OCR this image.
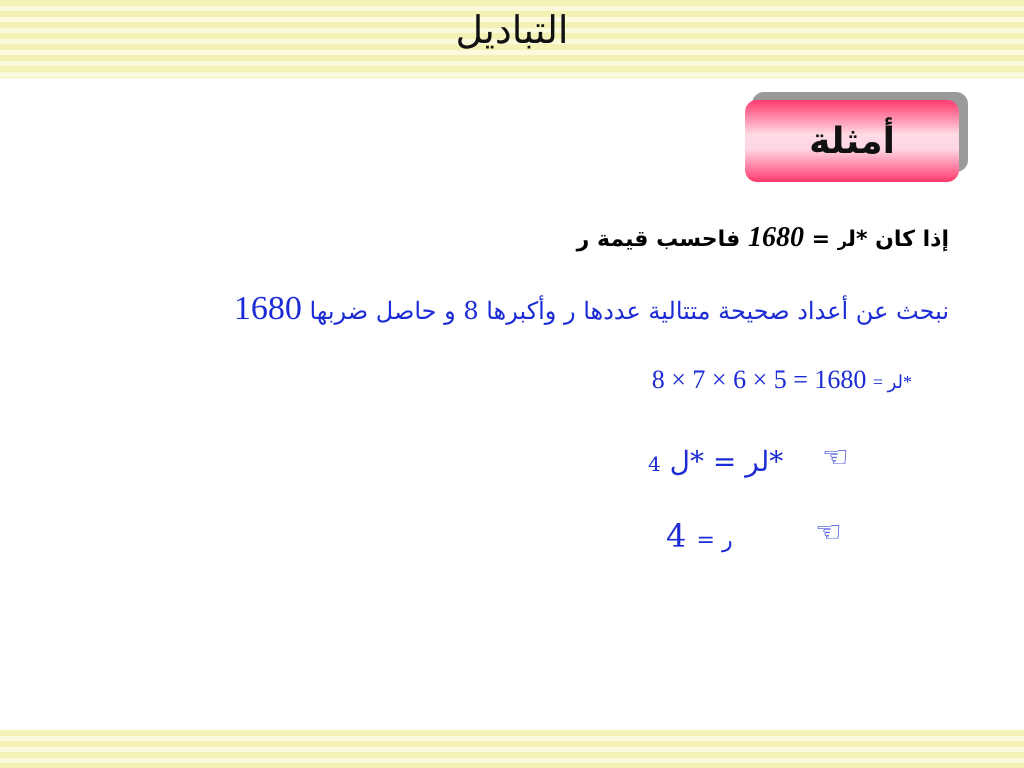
التباديل
أمثلة
إذا كان *لر = 1680 فاحسب قيمة ر
نبحث عن أعداد صحيحة متتالية عددها ر وأكبرها 8 و حاصل ضربها 1680
8 × 7 × 6 × 5 = 1680 *لر =
☜
4 *لر = *ل
☜
4 ر =
